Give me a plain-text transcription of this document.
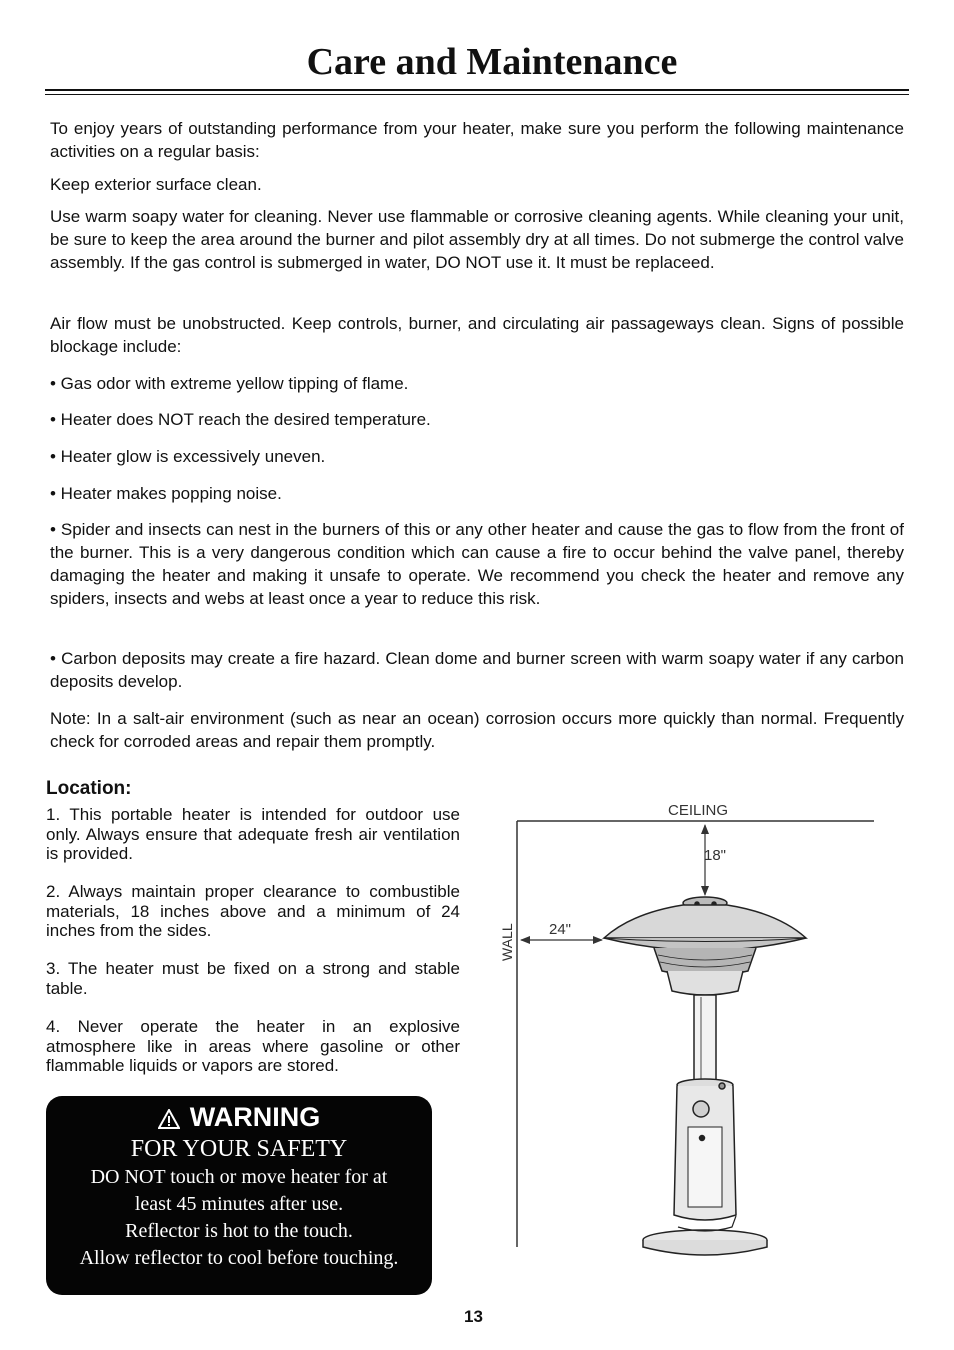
Care and Maintenance

To enjoy years of outstanding performance from your heater, make sure you perform the following maintenance activities on a regular basis:

Keep exterior surface clean.

Use warm soapy water for cleaning. Never use flammable or corrosive cleaning agents. While cleaning your unit, be sure to keep the area around the burner and pilot assembly dry at all times. Do not submerge the control valve assembly. If the gas control is submerged in water, DO NOT use it. It must be replaceed.

Air flow must be unobstructed. Keep controls, burner, and circulating air passageways clean. Signs of possible blockage include:

• Gas odor with extreme yellow tipping of flame.

• Heater does NOT reach the desired temperature.

• Heater glow is excessively uneven.

• Heater makes popping noise.

• Spider and insects can nest in the burners of this or any other heater and cause the gas to flow from the front of the burner. This is a very dangerous condition which can cause a fire to occur behind the valve panel, thereby damaging the heater and making it unsafe to operate. We recommend you check the heater and remove any spiders, insects and webs at least once a year to reduce this risk.

• Carbon deposits may create a fire hazard. Clean dome and burner screen with warm soapy water if any carbon deposits develop.

Note: In a salt-air environment (such as near an ocean) corrosion occurs more quickly than normal. Frequently check for corroded areas and repair them promptly.

Location:

1. This portable heater is intended for outdoor use only. Always ensure that adequate fresh air ventilation is provided.

2. Always maintain proper clearance to combustible materials, 18 inches above and a minimum of 24 inches from the sides.

3. The heater must be fixed on a strong and stable table.

4. Never operate the heater in an explosive atmosphere like in areas where gasoline or other flammable liquids or vapors are stored.

WARNING
FOR YOUR SAFETY
DO NOT touch or move heater for at
least 45 minutes after use.
Reflector is hot to the touch.
Allow reflector to cool before touching.
CEILING
WALL
18"
24"
13
